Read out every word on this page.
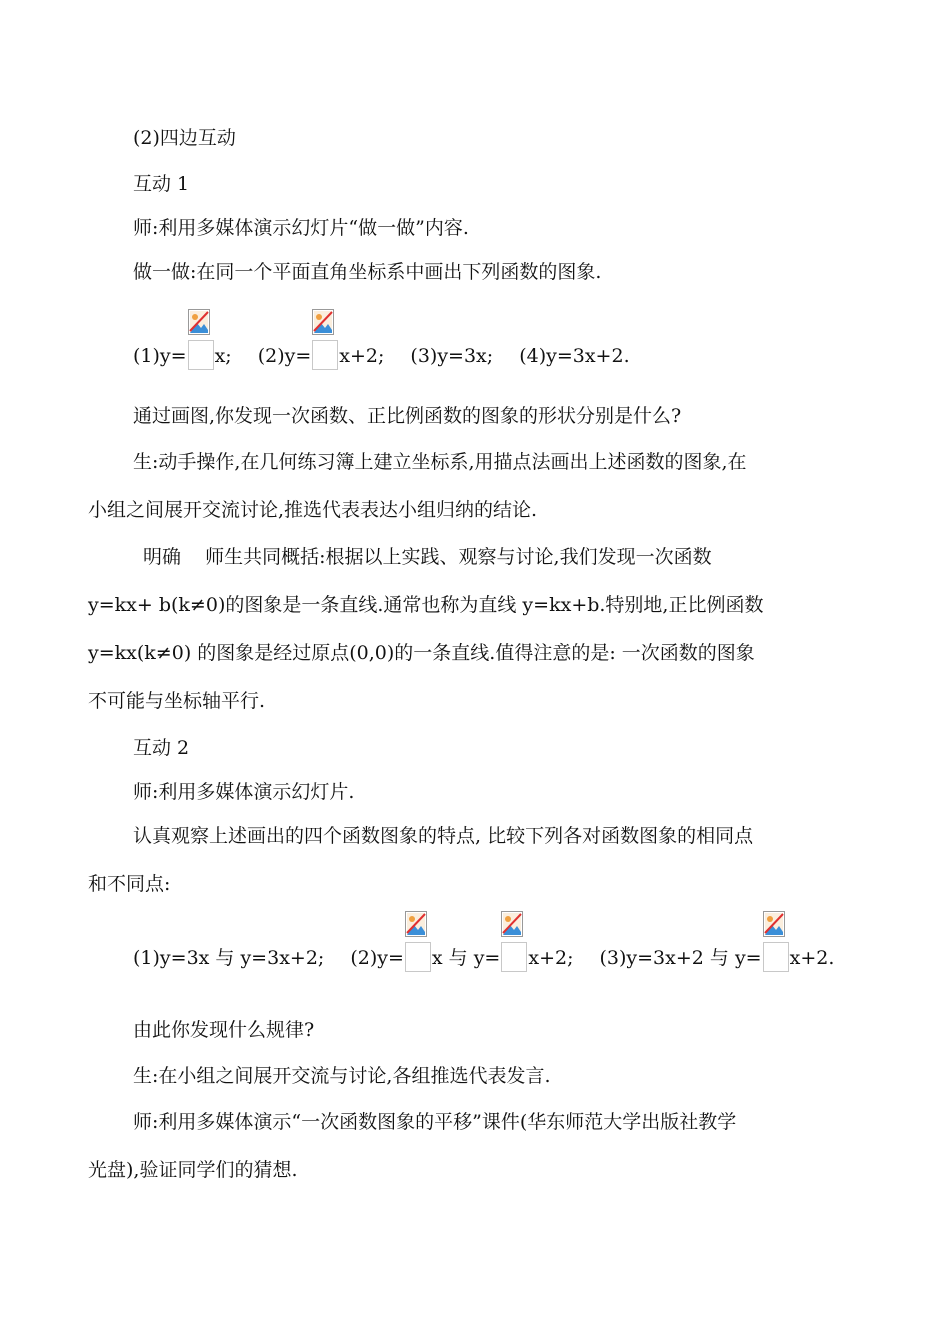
(2)四边互动
互动 1
师:利用多媒体演示幻灯片“做一做”内容.
做一做:在同一个平面直角坐标系中画出下列函数的图象.
(1)y= x; (2)y= x+2; (3)y=3x; (4)y=3x+2.
通过画图,你发现一次函数、正比例函数的图象的形状分别是什么?
生:动手操作,在几何练习簿上建立坐标系,用描点法画出上述函数的图象,在
小组之间展开交流讨论,推选代表表达小组归纳的结论.
明确    师生共同概括:根据以上实践、观察与讨论,我们发现一次函数
y=kx+ b(k≠0)的图象是一条直线.通常也称为直线 y=kx+b.特别地,正比例函数
y=kx(k≠0) 的图象是经过原点(0,0)的一条直线.值得注意的是: 一次函数的图象
不可能与坐标轴平行.
互动 2
师:利用多媒体演示幻灯片.
认真观察上述画出的四个函数图象的特点, 比较下列各对函数图象的相同点
和不同点:
(1)y=3x 与 y=3x+2; (2)y= x 与 y= x+2; (3)y=3x+2 与 y= x+2.
由此你发现什么规律?
生:在小组之间展开交流与讨论,各组推选代表发言.
师:利用多媒体演示“一次函数图象的平移”课件(华东师范大学出版社教学
光盘),验证同学们的猜想.
